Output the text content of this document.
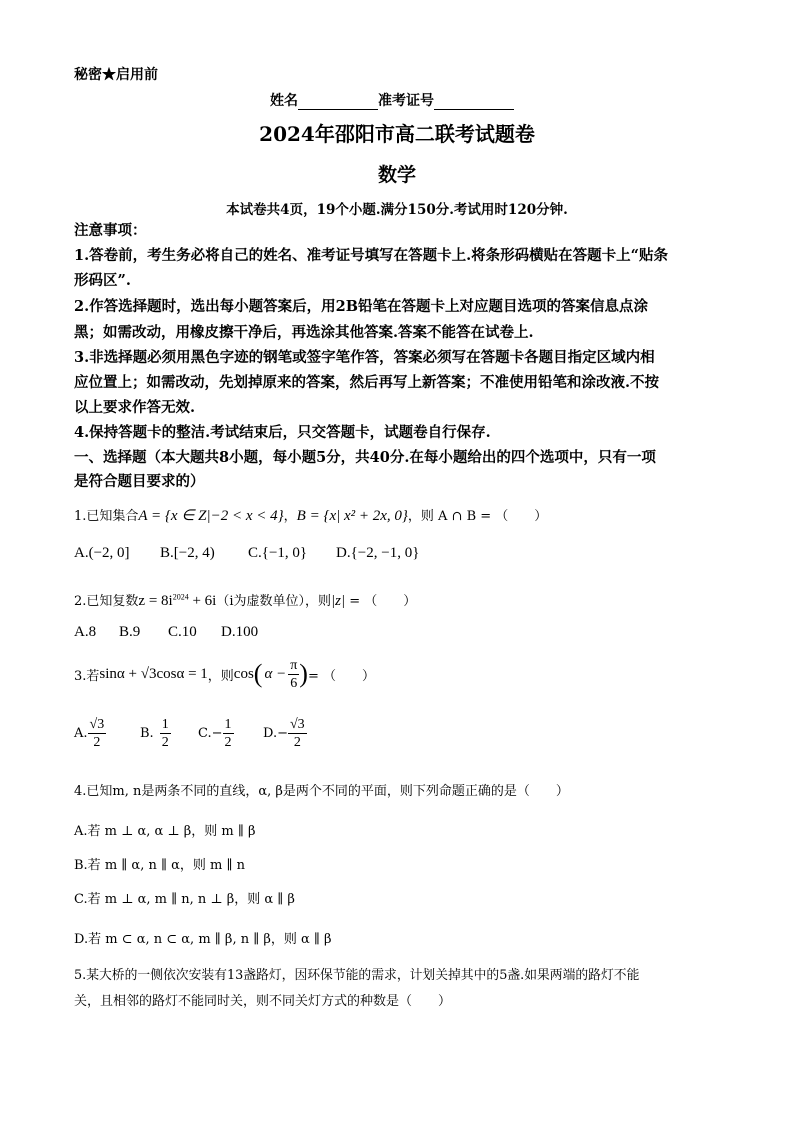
秘密★启用前
姓名	准考证号
2024年邵阳市高二联考试题卷
数学
本试卷共4页，19个小题.满分150分.考试用时120分钟.
注意事项：
1.答卷前，考生务必将自己的姓名、准考证号填写在答题卡上.将条形码横贴在答题卡上“贴条
形码区”.
2.作答选择题时，选出每小题答案后，用2B铅笔在答题卡上对应题目选项的答案信息点涂
黑；如需改动，用橡皮擦干净后，再选涂其他答案.答案不能答在试卷上.
3.非选择题必须用黑色字迹的钢笔或签字笔作答，答案必须写在答题卡各题目指定区域内相
应位置上；如需改动，先划掉原来的答案，然后再写上新答案；不准使用铅笔和涂改液.不按
以上要求作答无效.
4.保持答题卡的整洁.考试结束后，只交答题卡，试题卷自行保存.
一、选择题（本大题共8小题，每小题5分，共40分.在每小题给出的四个选项中，只有一项
是符合题目要求的）
1.已知集合A = {x ∈ Z|−2 < x < 4}，B = {x| x² + 2x, 0}，则 A ∩ B = （　　）
A.(−2, 0] B.[−2, 4) C.{−1, 0} D.{−2, −1, 0}
2.已知复数$z = 8i^{2024} + 6i(i$为虚数单位），则|z| = （　　）
A.8 B.9 C.10 D.100
3.若 sinα + √3cosα = 1 ，则 cos ( $\alpha - \frac{\pi}{6}$ ) = （　　）
A. $\frac{√3}{2}$	B. $\frac{1}{2} C.- \frac{1}{2} D.- \frac{√3}{2}$
4.已知m, n是两条不同的直线，α, β是两个不同的平面，则下列命题正确的是（　　）
A.若 m ⊥ α, α ⊥ β，则 m ∥ β
B.若 m ∥ α, n ∥ α，则 m ∥ n
C.若 m ⊥ α, m ∥ n, n ⊥ β，则 α ∥ β
D.若 m ⊂ α, n ⊂ α, m ∥ β, n ∥ β，则 α ∥ β
5.某大桥的一侧依次安装有13盏路灯，因环保节能的需求，计划关掉其中的5盏.如果两端的路灯不能
关，且相邻的路灯不能同时关，则不同关灯方式的种数是（　　）
